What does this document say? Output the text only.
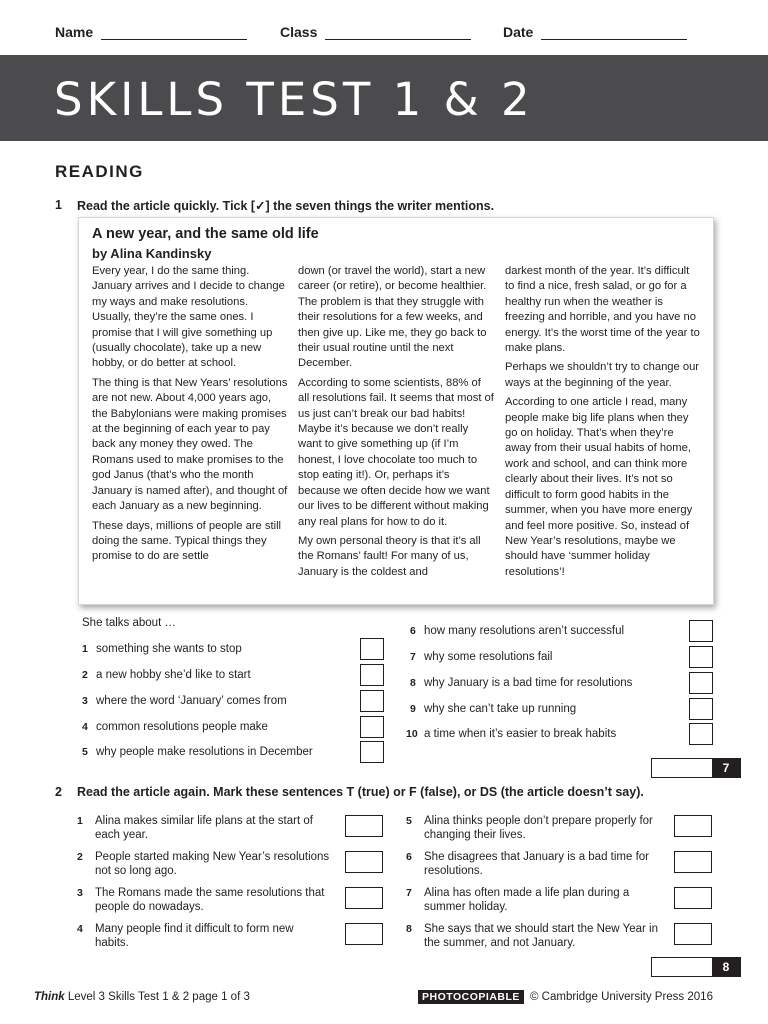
Name	Class	Date
SKILLS TEST 1 & 2
READING
1	Read the article quickly. Tick [✓] the seven things the writer mentions.
A new year, and the same old life
by Alina Kandinsky

Every year, I do the same thing. January arrives and I decide to change my ways and make resolutions. Usually, they’re the same ones. I promise that I will give something up (usually chocolate), take up a new hobby, or do better at school.

The thing is that New Years’ resolutions are not new. About 4,000 years ago, the Babylonians were making promises at the beginning of each year to pay back any money they owed. The Romans used to make promises to the god Janus (that’s who the month January is named after), and thought of each January as a new beginning.

These days, millions of people are still doing the same. Typical things they promise to do are settle

down (or travel the world), start a new career (or retire), or become healthier. The problem is that they struggle with their resolutions for a few weeks, and then give up. Like me, they go back to their usual routine until the next December.

According to some scientists, 88% of all resolutions fail. It seems that most of us just can’t break our bad habits! Maybe it’s because we don’t really want to give something up (if I’m honest, I love chocolate too much to stop eating it!). Or, perhaps it’s because we often decide how we want our lives to be different without making any real plans for how to do it.

My own personal theory is that it’s all the Romans’ fault! For many of us, January is the coldest and

darkest month of the year. It’s difficult to find a nice, fresh salad, or go for a healthy run when the weather is freezing and horrible, and you have no energy. It’s the worst time of the year to make plans.

Perhaps we shouldn’t try to change our ways at the beginning of the year.

According to one article I read, many people make big life plans when they go on holiday. That’s when they’re away from their usual habits of home, work and school, and can think more clearly about their lives. It’s not so difficult to form good habits in the summer, when you have more energy and feel more positive. So, instead of New Year’s resolutions, maybe we should have ‘summer holiday resolutions’!

She talks about …
1 something she wants to stop
2 a new hobby she’d like to start
3 where the word ‘January’ comes from
4 common resolutions people make
5 why people make resolutions in December
6 how many resolutions aren’t successful
7 why some resolutions fail
8 why January is a bad time for resolutions
9 why she can’t take up running
10 a time when it’s easier to break habits
7
2	Read the article again. Mark these sentences T (true) or F (false), or DS (the article doesn’t say).
1	Alina makes similar life plans at the start of each year.
2	People started making New Year’s resolutions not so long ago.
3	The Romans made the same resolutions that people do nowadays.
4	Many people find it difficult to form new habits.
5	Alina thinks people don’t prepare properly for changing their lives.
6	She disagrees that January is a bad time for resolutions.
7	Alina has often made a life plan during a summer holiday.
8	She says that we should start the New Year in the summer, and not January.
8
Think Level 3 Skills Test 1 & 2 page 1 of 3	PHOTOCOPIABLE © Cambridge University Press 2016
